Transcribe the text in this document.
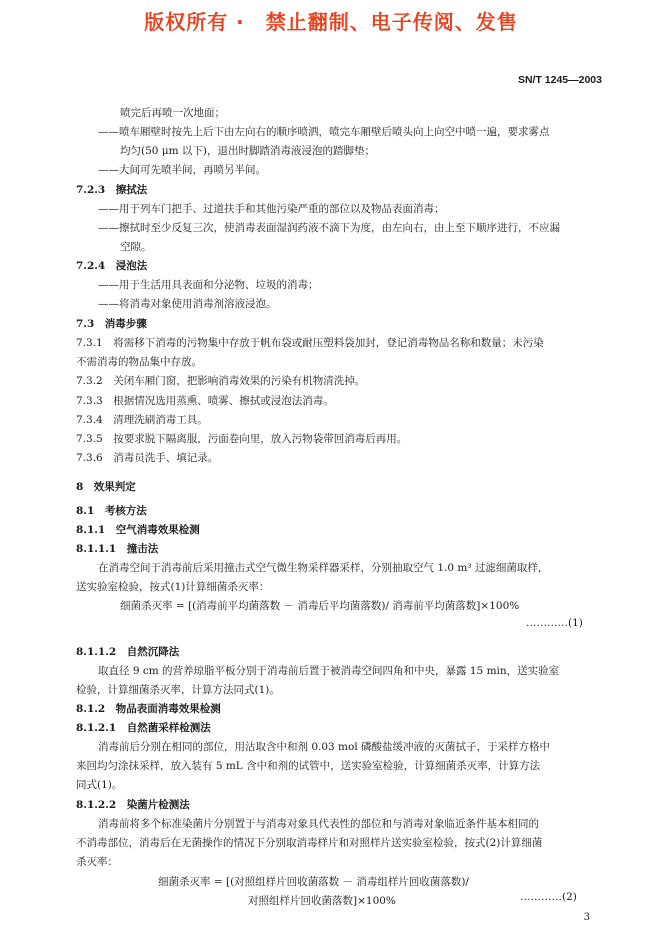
版权所有 ·　禁止翻制、电子传阅、发售
SN/T 1245—2003
喷完后再喷一次地面；
——喷车厢壁时按先上后下由左向右的顺序喷洒，喷完车厢壁后喷头向上向空中喷一遍，要求雾点
均匀(50 μm 以下)，退出时脚踏消毒液浸泡的踏脚垫；
——大间可先喷半间，再喷另半间。
7.2.3　擦拭法
——用于列车门把手、过道扶手和其他污染严重的部位以及物品表面消毒；
——擦拭时至少反复三次，使消毒表面湿润药液不滴下为度，由左向右，由上至下顺序进行，不应漏
空隙。
7.2.4　浸泡法
——用于生活用具表面和分泌物、垃圾的消毒；
——将消毒对象使用消毒剂溶液浸泡。
7.3　消毒步骤
7.3.1　将需移下消毒的污物集中存放于帆布袋或耐压塑料袋加封，登记消毒物品名称和数量；未污染
不需消毒的物品集中存放。
7.3.2　关闭车厢门窗，把影响消毒效果的污染有机物清洗掉。
7.3.3　根据情况选用蒸熏、喷雾、擦拭或浸泡法消毒。
7.3.4　清理洗刷消毒工具。
7.3.5　按要求脱下隔离服，污面卷向里，放入污物袋带回消毒后再用。
7.3.6　消毒员洗手、填记录。
8　效果判定
8.1　考核方法
8.1.1　空气消毒效果检测
8.1.1.1　撞击法
在消毒空间于消毒前后采用撞击式空气微生物采样器采样，分别抽取空气 1.0 m³ 过滤细菌取样，
送实验室检验，按式(1)计算细菌杀灭率：
细菌杀灭率 = [(消毒前平均菌落数 － 消毒后平均菌落数)/ 消毒前平均菌落数]×100%
…………(1)
8.1.1.2　自然沉降法
取直径 9 cm 的营养琼脂平板分别于消毒前后置于被消毒空间四角和中央，暴露 15 min，送实验室
检验，计算细菌杀灭率，计算方法同式(1)。
8.1.2　物品表面消毒效果检测
8.1.2.1　自然菌采样检测法
消毒前后分别在相同的部位，用沾取含中和剂 0.03 mol 磷酸盐缓冲液的灭菌拭子，于采样方格中
来回均匀涂抹采样，放入装有 5 mL 含中和剂的试管中，送实验室检验，计算细菌杀灭率，计算方法
同式(1)。
8.1.2.2　染菌片检测法
消毒前将多个标准染菌片分别置于与消毒对象具代表性的部位和与消毒对象临近条件基本相同的
不消毒部位，消毒后在无菌操作的情况下分别取消毒样片和对照样片送实验室检验，按式(2)计算细菌
杀灭率：
细菌杀灭率 = [(对照组样片回收菌落数 － 消毒组样片回收菌落数)/
对照组样片回收菌落数]×100%	…………(2)
3
